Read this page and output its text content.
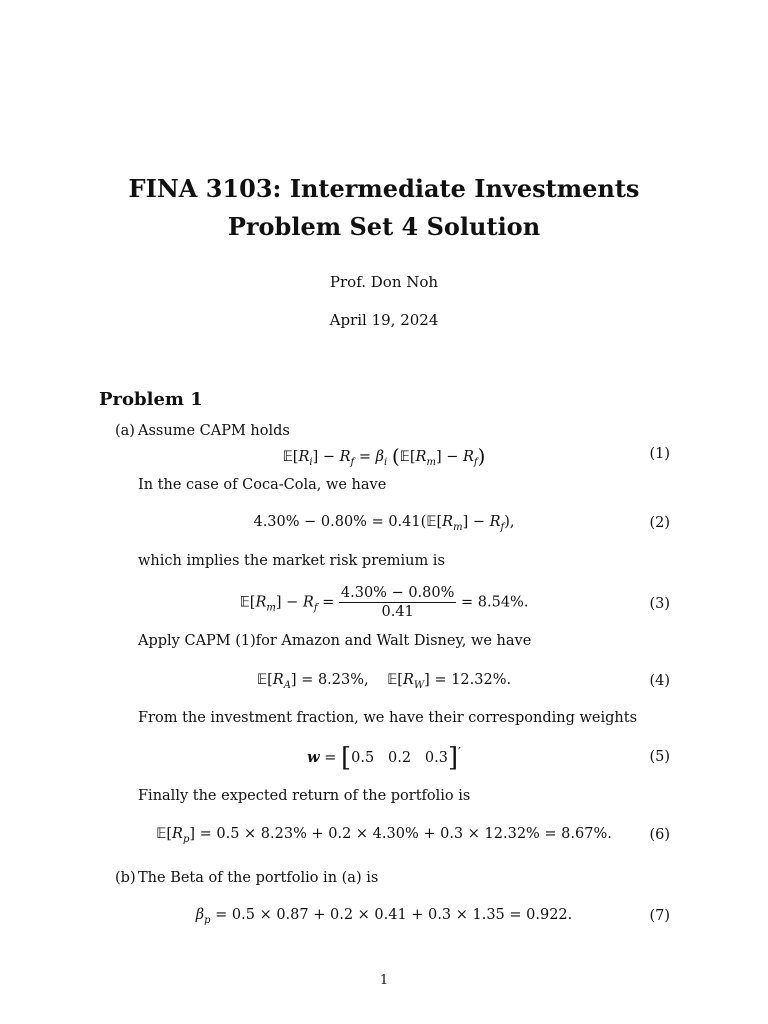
FINA 3103: Intermediate Investments
Problem Set 4 Solution
Prof. Don Noh
April 19, 2024
Problem 1
(a) Assume CAPM holds
$𝔼[R_i] - R_f = \beta_i$ $(𝔼[R_m] - R_f)$	(1)
In the case of Coca-Cola, we have
$4.30\% - 0.80\% = 0.41(𝔼[R_m] - R_f)$,	(2)
which implies the market risk premium is
$𝔼[R_m] - R_f = \frac{4.30\% - 0.80\%}{0.41} = 8.54\%$.	(3)
Apply CAPM (1)for Amazon and Walt Disney, we have
$𝔼[R_A] = 8.23\%$, $𝔼[R_W] = 12.32\%$.	(4)
From the investment fraction, we have their corresponding weights
w = [0.5   0.2   0.3]′	(5)
Finally the expected return of the portfolio is
$𝔼[R_p] = 0.5 \times 8.23\% + 0.2 \times 4.30\% + 0.3 \times 12.32\% = 8.67\%$.	(6)
(b) The Beta of the portfolio in (a) is
$\beta_p = 0.5 \times 0.87 + 0.2 \times 0.41 + 0.3 \times 1.35 = 0.922$.	(7)
1
